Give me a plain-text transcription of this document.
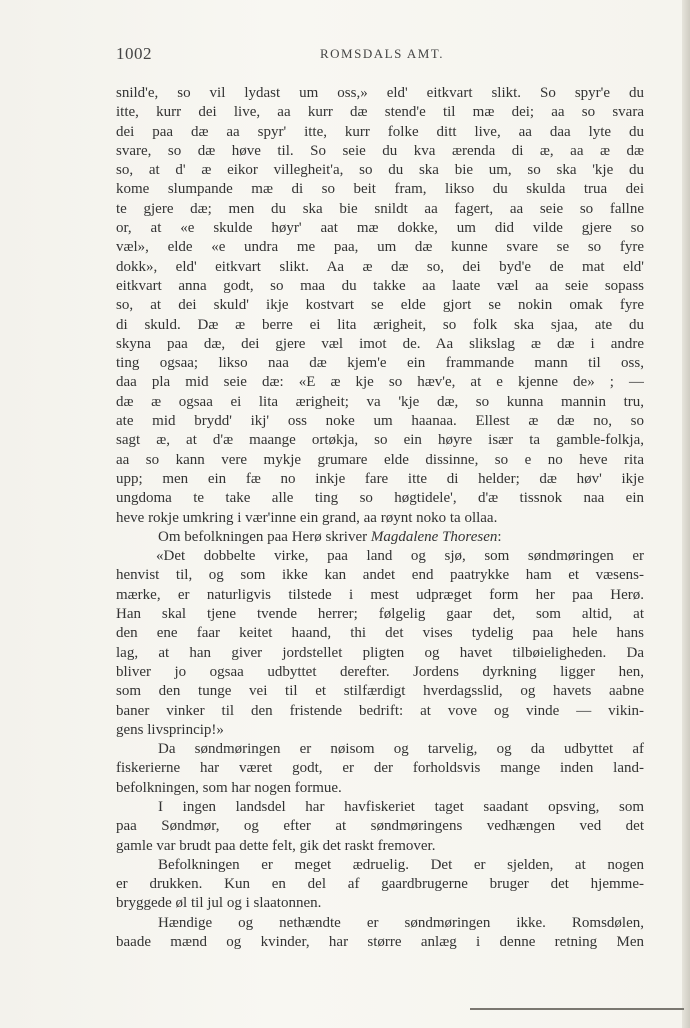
1002	ROMSDALS AMT.
snild'e, so vil lydast um oss,» eld' eitkvart slikt. So spyr'e du
itte, kurr dei live, aa kurr dæ stend'e til mæ dei; aa so svara
dei paa dæ aa spyr' itte, kurr folke ditt live, aa daa lyte du
svare, so dæ høve til. So seie du kva ærenda di æ, aa æ dæ
so, at d' æ eikor villegheit'a, so du ska bie um, so ska 'kje du
kome slumpande mæ di so beit fram, likso du skulda trua dei
te gjere dæ; men du ska bie snildt aa fagert, aa seie so fallne
or, at «e skulde høyr' aat mæ dokke, um did vilde gjere so
væl», elde «e undra me paa, um dæ kunne svare se so fyre
dokk», eld' eitkvart slikt. Aa æ dæ so, dei byd'e de mat eld'
eitkvart anna godt, so maa du takke aa laate væl aa seie sopass
so, at dei skuld' ikje kostvart se elde gjort se nokin omak fyre
di skuld. Dæ æ berre ei lita ærigheit, so folk ska sjaa, ate du
skyna paa dæ, dei gjere væl imot de. Aa slikslag æ dæ i andre
ting ogsaa; likso naa dæ kjem'e ein frammande mann til oss,
daa pla mid seie dæ: «E æ kje so hæv'e, at e kjenne de» ; —
dæ æ ogsaa ei lita ærigheit; va 'kje dæ, so kunna mannin tru,
ate mid brydd' ikj' oss noke um haanaa. Ellest æ dæ no, so
sagt æ, at d'æ maange ortøkja, so ein høyre især ta gamble-folkja,
aa so kann vere mykje grumare elde dissinne, so e no heve rita
upp; men ein fæ no inkje fare itte di helder; dæ høv' ikje
ungdoma te take alle ting so høgtidele', d'æ tissnok naa ein
heve rokje umkring i vær'inne ein grand, aa røynt noko ta ollaa.
Om befolkningen paa Herø skriver Magdalene Thoresen:
«Det dobbelte virke, paa land og sjø, som søndmøringen er
henvist til, og som ikke kan andet end paatrykke ham et væsens-
mærke, er naturligvis tilstede i mest udpræget form her paa Herø.
Han skal tjene tvende herrer; følgelig gaar det, som altid, at
den ene faar keitet haand, thi det vises tydelig paa hele hans
lag, at han giver jordstellet pligten og havet tilbøieligheden. Da
bliver jo ogsaa udbyttet derefter. Jordens dyrkning ligger hen,
som den tunge vei til et stilfærdigt hverdagsslid, og havets aabne
baner vinker til den fristende bedrift: at vove og vinde — vikin-
gens livsprincip!»
Da søndmøringen er nøisom og tarvelig, og da udbyttet af
fiskerierne har været godt, er der forholdsvis mange inden land-
befolkningen, som har nogen formue.
I ingen landsdel har havfiskeriet taget saadant opsving, som
paa Søndmør, og efter at søndmøringens vedhængen ved det
gamle var brudt paa dette felt, gik det raskt fremover.
Befolkningen er meget ædruelig. Det er sjelden, at nogen
er drukken. Kun en del af gaardbrugerne bruger det hjemme-
bryggede øl til jul og i slaatonnen.
Hændige og nethændte er søndmøringen ikke. Romsdølen,
baade mænd og kvinder, har større anlæg i denne retning Men
